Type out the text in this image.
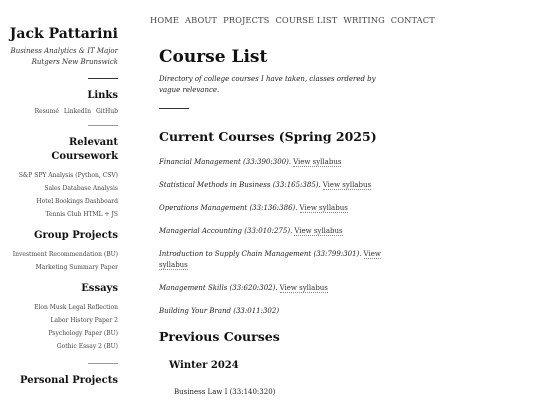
HOME ABOUT PROJECTS COURSE LIST WRITING CONTACT
Jack Pattarini
Business Analytics & IT Major
Rutgers New Brunswick
Links
Resumé LinkedIn GitHub
Relevant Coursework
S&P SPY Analysis (Python, CSV)
Sales Database Analysis
Hotel Bookings Dashboard
Tennis Club HTML + JS
Group Projects
Investment Recommendation (BU)
Marketing Summary Paper
Essays
Elon Musk Legal Reflection
Labor History Paper 2
Psychology Paper (BU)
Gothic Essay 2 (BU)
Personal Projects
Course List
Directory of college courses I have taken, classes ordered by vague relevance.
Current Courses (Spring 2025)
Financial Management (33:390:300). View syllabus
Statistical Methods in Business (33:165:385). View syllabus
Operations Management (33:136:386). View syllabus
Managerial Accounting (33:010:275). View syllabus
Introduction to Supply Chain Management (33:799:301). View syllabus
Management Skills (33:620:302). View syllabus
Building Your Brand (33:011:302)
Previous Courses
Winter 2024
Business Law I (33:140:320)
